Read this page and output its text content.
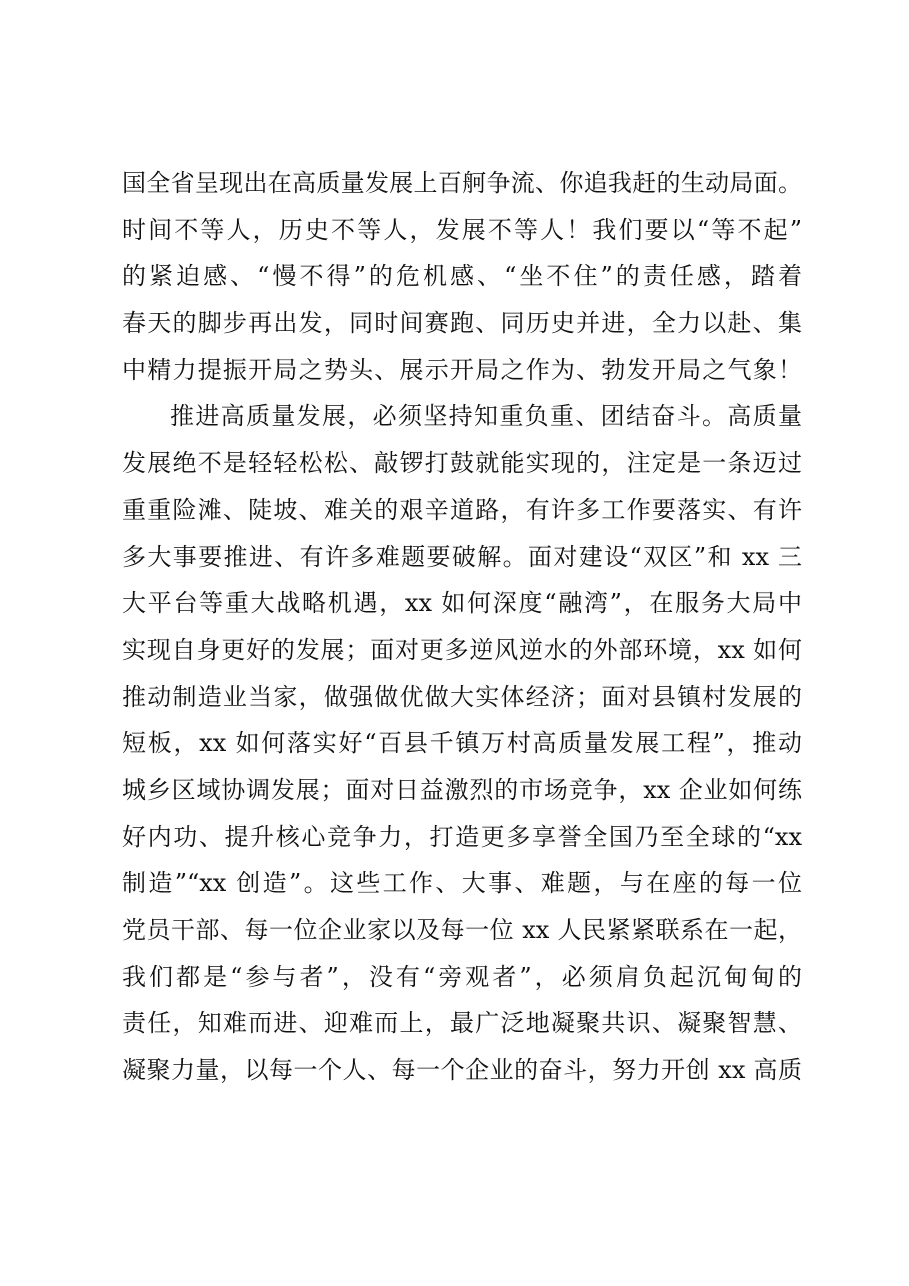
国全省呈现出在高质量发展上百舸争流、你追我赶的生动局面。
时间不等人，历史不等人，发展不等人！我们要以“等不起”
的紧迫感、“慢不得”的危机感、“坐不住”的责任感，踏着
春天的脚步再出发，同时间赛跑、同历史并进，全力以赴、集
中精力提振开局之势头、展示开局之作为、勃发开局之气象！
推进高质量发展，必须坚持知重负重、团结奋斗。高质量
发展绝不是轻轻松松、敲锣打鼓就能实现的，注定是一条迈过
重重险滩、陡坡、难关的艰辛道路，有许多工作要落实、有许
多大事要推进、有许多难题要破解。面对建设“双区”和 xx 三
大平台等重大战略机遇，xx 如何深度“融湾”，在服务大局中
实现自身更好的发展；面对更多逆风逆水的外部环境，xx 如何
推动制造业当家，做强做优做大实体经济；面对县镇村发展的
短板，xx 如何落实好“百县千镇万村高质量发展工程”，推动
城乡区域协调发展；面对日益激烈的市场竞争，xx 企业如何练
好内功、提升核心竞争力，打造更多享誉全国乃至全球的“xx
制造”“xx 创造”。这些工作、大事、难题，与在座的每一位
党员干部、每一位企业家以及每一位 xx 人民紧紧联系在一起，
我们都是“参与者”，没有“旁观者”，必须肩负起沉甸甸的
责任，知难而进、迎难而上，最广泛地凝聚共识、凝聚智慧、
凝聚力量，以每一个人、每一个企业的奋斗，努力开创 xx 高质
